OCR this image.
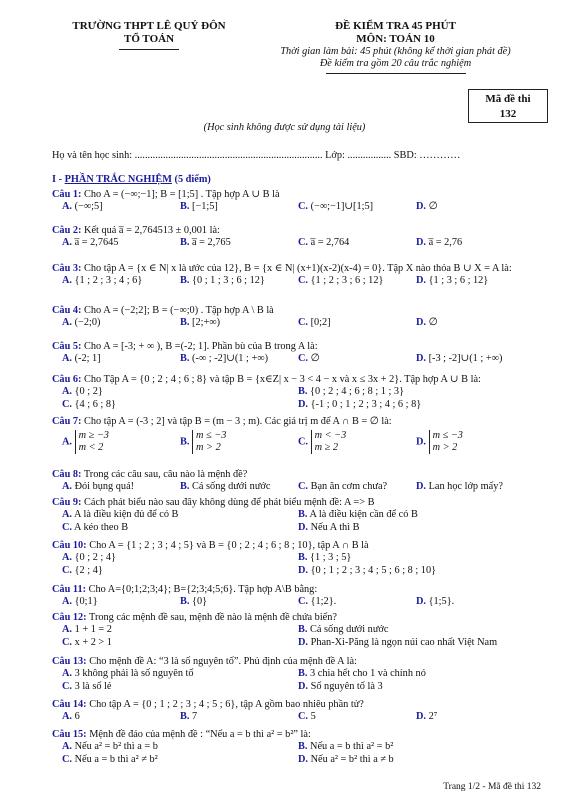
TRƯỜNG THPT LÊ QUÝ ĐÔN
TỔ TOÁN
ĐỀ KIỂM TRA 45 PHÚT
MÔN: TOÁN 10
Thời gian làm bài: 45 phút (không kể thời gian phát đề)
Đề kiểm tra gồm 20 câu trắc nghiệm
Mã đề thi
132
(Học sinh không được sử dụng tài liệu)
Họ và tên học sinh: ......................................................................... Lớp: ................. SBD: …………
I - PHẦN TRẮC NGHIỆM (5 điểm)
Câu 1: Cho A = (−∞;−1]; B = [1;5] . Tập hợp A ∪ B là
A. (−∞;5]	B. [−1;5]	C. (−∞;−1]∪[1;5]	D. ∅
Câu 2: Kết quả a̅ = 2,764513 ± 0,001 là:
A. a̅ = 2,7645	B. a̅ = 2,765	C. a̅ = 2,764	D. a̅ = 2,76
Câu 3: Cho tập A = {x ∈ N| x là ước của 12}, B = {x ∈ N| (x+1)(x-2)(x-4) = 0}. Tập X nào thỏa B ∪ X = A là:
A. {1 ; 2 ; 3 ; 4 ; 6}	B. {0 ; 1 ; 3 ; 6 ; 12}	C. {1 ; 2 ; 3 ; 6 ; 12}	D. {1 ; 3 ; 6 ; 12}
Câu 4: Cho A = (−2;2]; B = (−∞;0) . Tập hợp A \ B là
A. (−2;0)	B. [2;+∞)	C. [0;2]	D. ∅
Câu 5: Cho A = [-3; + ∞ ), B =(-2; 1]. Phần bù của B trong A là:
A. (-2; 1]	B. (-∞ ; -2]∪(1 ; +∞)	C. ∅	D. [-3 ; -2]∪(1 ; +∞)
Câu 6: Cho Tập A = {0 ; 2 ; 4 ; 6 ; 8} và tập B = {x∈Z| x − 3 < 4 − x và x ≤ 3x + 2}. Tập hợp A ∪ B là:
A. {0 ; 2}	B. {0 ; 2 ; 4 ; 6 ; 8 ; 1 ; 3}
C. {4 ; 6 ; 8}	D. {-1 ; 0 ; 1 ; 2 ; 3 ; 4 ; 6 ; 8}
Câu 7: Cho tập A = (-3 ; 2] và tập B = (m − 3 ; m). Các giá trị m để A ∩ B = ∅ là:
A.
m ≥ −3
m < 2
B.
m ≤ −3
m > 2
C.
m < −3
m ≥ 2
D.
m ≤ −3
m > 2
Câu 8: Trong các câu sau, câu nào là mệnh đề?
A. Đói bụng quá!	B. Cá sống dưới nước	C. Bạn ăn cơm chưa?	D. Lan học lớp mấy?
Câu 9: Cách phát biểu nào sau đây không dùng để phát biểu mệnh đề: A => B
A. A là điều kiện đủ để có B	B. A là điều kiện cần để có B
C. A kéo theo B	D. Nếu A thì B
Câu 10: Cho A = {1 ; 2 ; 3 ; 4 ; 5} và B = {0 ; 2 ; 4 ; 6 ; 8 ; 10}, tập A ∩ B là
A. {0 ; 2 ; 4}	B. {1 ; 3 ; 5}
C. {2 ; 4}	D. {0 ; 1 ; 2 ; 3 ; 4 ; 5 ; 6 ; 8 ; 10}
Câu 11: Cho A={0;1;2;3;4}; B={2;3;4;5;6}. Tập hợp A\B bằng:
A. {0;1}	B. {0}	C. {1;2}.	D. {1;5}.
Câu 12: Trong các mệnh đề sau, mệnh đề nào là mệnh đề chứa biến?
A. 1 + 1 = 2	B. Cá sống dưới nước
C. x + 2 > 1	D. Phan-Xi-Păng là ngọn núi cao nhất Việt Nam
Câu 13: Cho mệnh đề A: “3 là số nguyên tố”. Phủ định của mệnh đề A là:
A. 3 không phải là số nguyên tố	B. 3 chia hết cho 1 và chính nó
C. 3 là số lẻ	D. Số nguyên tố là 3
Câu 14: Cho tập A = {0 ; 1 ; 2 ; 3 ; 4 ; 5 ; 6}, tập A gồm bao nhiêu phần tử?
A. 6	B. 7	C. 5	D. 2⁷
Câu 15: Mệnh đề đảo của mệnh đề : “Nếu a = b thì a² = b²” là:
A. Nếu a² = b² thì a = b	B. Nếu a = b thì a² = b²
C. Nếu a = b thì a² ≠ b²	D. Nếu a² = b² thì a ≠ b
Trang 1/2 - Mã đề thi 132
